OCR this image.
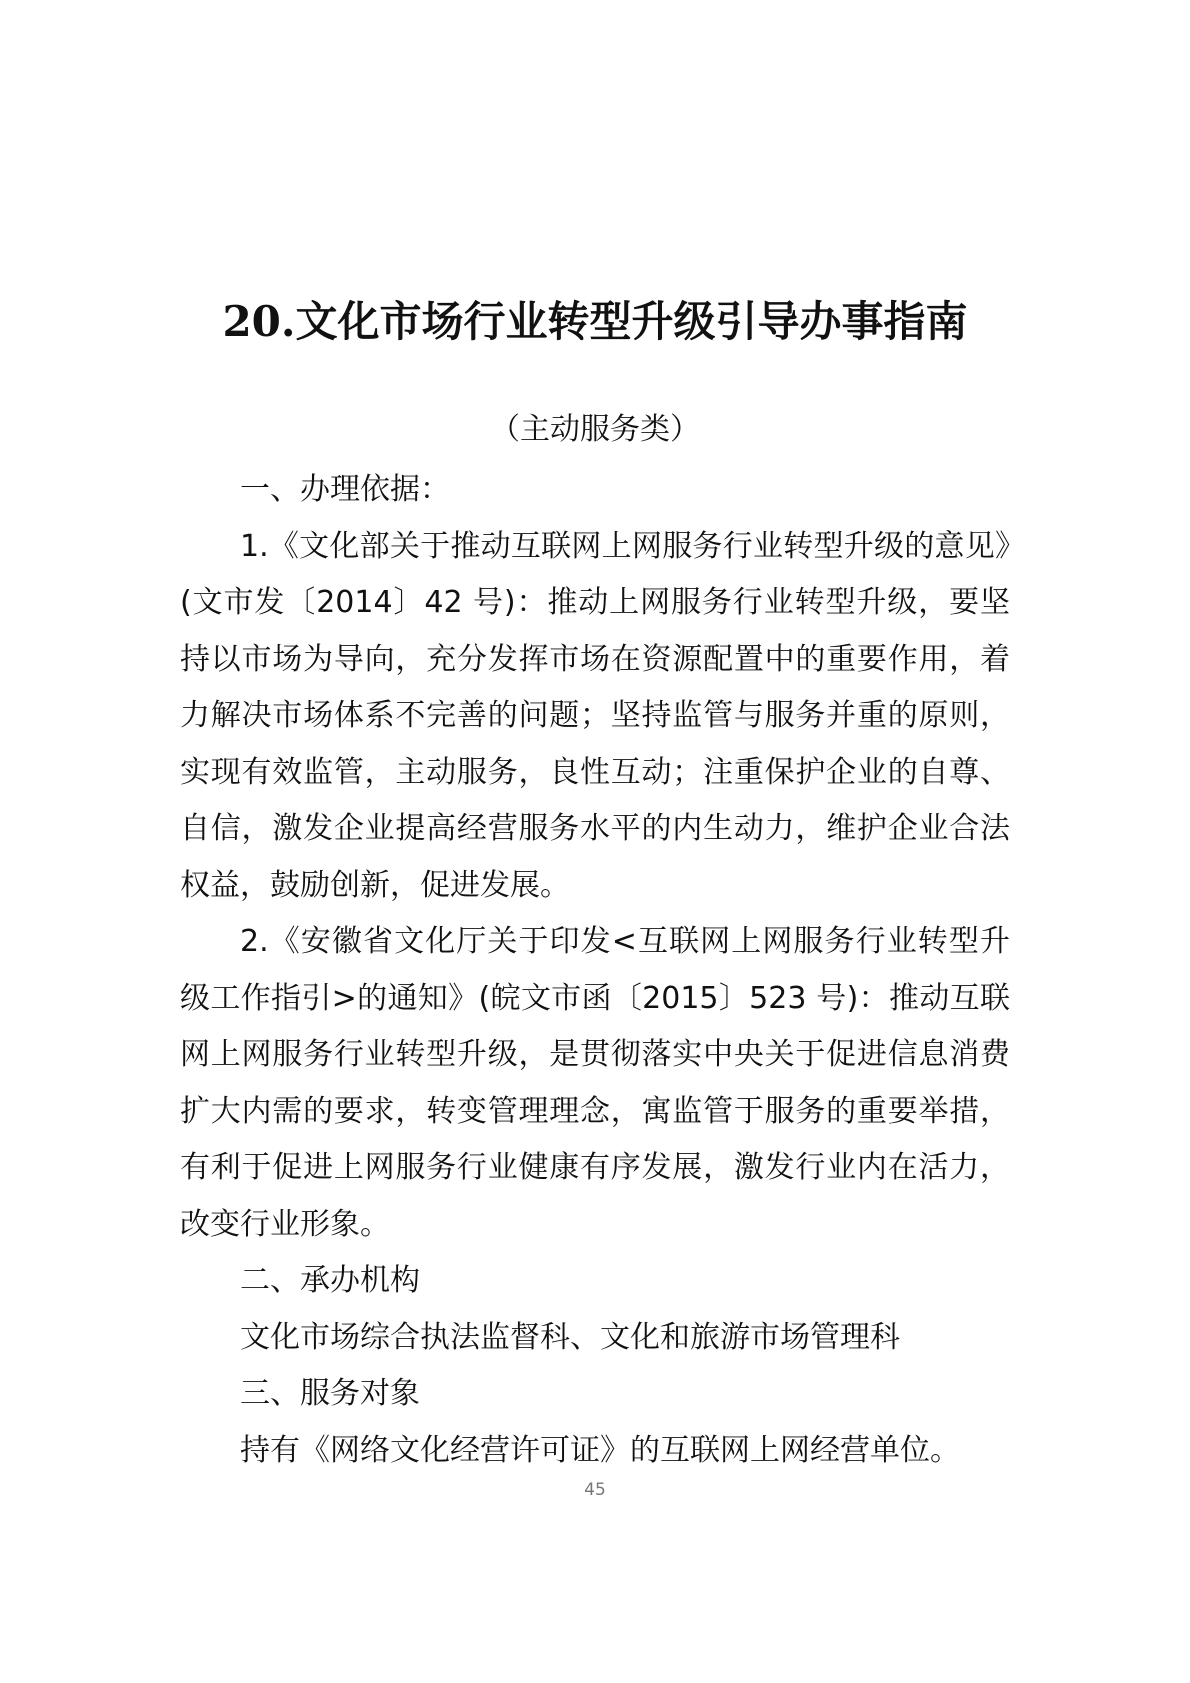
20.文化市场行业转型升级引导办事指南
（主动服务类）

一、办理依据：

1.《文化部关于推动互联网上网服务行业转型升级的意见》(文市发〔2014〕42 号)：推动上网服务行业转型升级，要坚持以市场为导向，充分发挥市场在资源配置中的重要作用，着力解决市场体系不完善的问题；坚持监管与服务并重的原则，实现有效监管，主动服务，良性互动；注重保护企业的自尊、自信，激发企业提高经营服务水平的内生动力，维护企业合法权益，鼓励创新，促进发展。

2.《安徽省文化厅关于印发<互联网上网服务行业转型升级工作指引>的通知》(皖文市函〔2015〕523 号)：推动互联网上网服务行业转型升级，是贯彻落实中央关于促进信息消费扩大内需的要求，转变管理理念，寓监管于服务的重要举措，有利于促进上网服务行业健康有序发展，激发行业内在活力，改变行业形象。

二、承办机构

文化市场综合执法监督科、文化和旅游市场管理科

三、服务对象

持有《网络文化经营许可证》的互联网上网经营单位。

45
